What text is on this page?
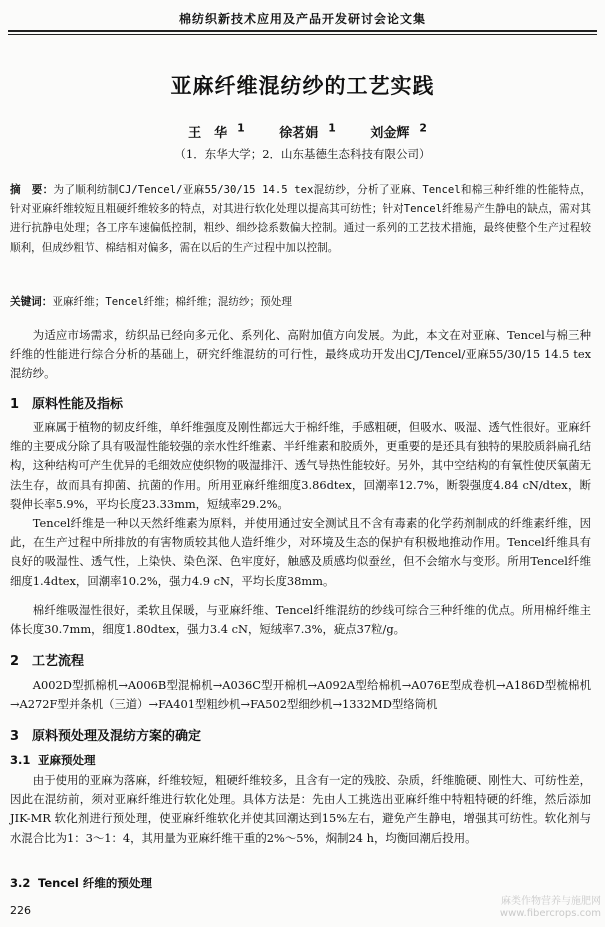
棉纺织新技术应用及产品开发研讨会论文集
亚麻纤维混纺纱的工艺实践
王　华 $^1$	徐茗娟 $^1$	刘金辉 $^2$
（1．东华大学；2．山东基德生态科技有限公司）
摘　要：为了顺利纺制CJ/Tencel/亚麻55/30/15 14.5 tex混纺纱，分析了亚麻、Tencel和棉三种纤维的性能特点，针对亚麻纤维较短且粗硬纤维较多的特点，对其进行软化处理以提高其可纺性；针对Tencel纤维易产生静电的缺点，需对其进行抗静电处理；各工序车速偏低控制，粗纱、细纱捻系数偏大控制。通过一系列的工艺技术措施，最终使整个生产过程较顺利，但成纱粗节、棉结相对偏多，需在以后的生产过程中加以控制。
关键词：亚麻纤维；Tencel纤维；棉纤维；混纺纱；预处理
为适应市场需求，纺织品已经向多元化、系列化、高附加值方向发展。为此，本文在对亚麻、Tencel与棉三种纤维的性能进行综合分析的基础上，研究纤维混纺的可行性，最终成功开发出CJ/Tencel/亚麻55/30/15 14.5 tex混纺纱。
1 原料性能及指标
亚麻属于植物的韧皮纤维，单纤维强度及刚性都远大于棉纤维，手感粗硬，但吸水、吸湿、透气性很好。亚麻纤维的主要成分除了具有吸湿性能较强的亲水性纤维素、半纤维素和胶质外，更重要的是还具有独特的果胶质斜扁孔结构，这种结构可产生优异的毛细效应使织物的吸湿排汗、透气导热性能较好。另外，其中空结构的有氧性使厌氧菌无法生存，故而具有抑菌、抗菌的作用。所用亚麻纤维细度3.86dtex，回潮率12.7%，断裂强度4.84 cN/dtex，断裂伸长率5.9%，平均长度23.33mm，短绒率29.2%。
Tencel纤维是一种以天然纤维素为原料，并使用通过安全测试且不含有毒素的化学药剂制成的纤维素纤维，因此，在生产过程中所排放的有害物质较其他人造纤维少，对环境及生态的保护有积极地推动作用。Tencel纤维具有良好的吸湿性、透气性，上染快、染色深、色牢度好，触感及质感均似蚕丝，但不会缩水与变形。所用Tencel纤维细度1.4dtex，回潮率10.2%，强力4.9 cN，平均长度38mm。
棉纤维吸湿性很好，柔软且保暖，与亚麻纤维、Tencel纤维混纺的纱线可综合三种纤维的优点。所用棉纤维主体长度30.7mm，细度1.80dtex，强力3.4 cN，短绒率7.3%，疵点37粒/g。
2 工艺流程
A002D型抓棉机→A006B型混棉机→A036C型开棉机→A092A型给棉机→A076E型成卷机→A186D型梳棉机→A272F型并条机（三道）→FA401型粗纱机→FA502型细纱机→1332MD型络筒机
3 原料预处理及混纺方案的确定
3.1 亚麻预处理
由于使用的亚麻为落麻，纤维较短，粗硬纤维较多，且含有一定的残胶、杂质，纤维脆硬、刚性大、可纺性差，因此在混纺前，须对亚麻纤维进行软化处理。具体方法是：先由人工挑选出亚麻纤维中特粗特硬的纤维，然后添加JIK-MR 软化剂进行预处理，使亚麻纤维软化并使其回潮达到15%左右，避免产生静电，增强其可纺性。软化剂与水混合比为1：3～1：4，其用量为亚麻纤维干重的2%～5%，焖制24 h，均衡回潮后投用。
3.2 Tencel 纤维的预处理
226
麻类作物营养与施肥网
www.fibercrops.com
